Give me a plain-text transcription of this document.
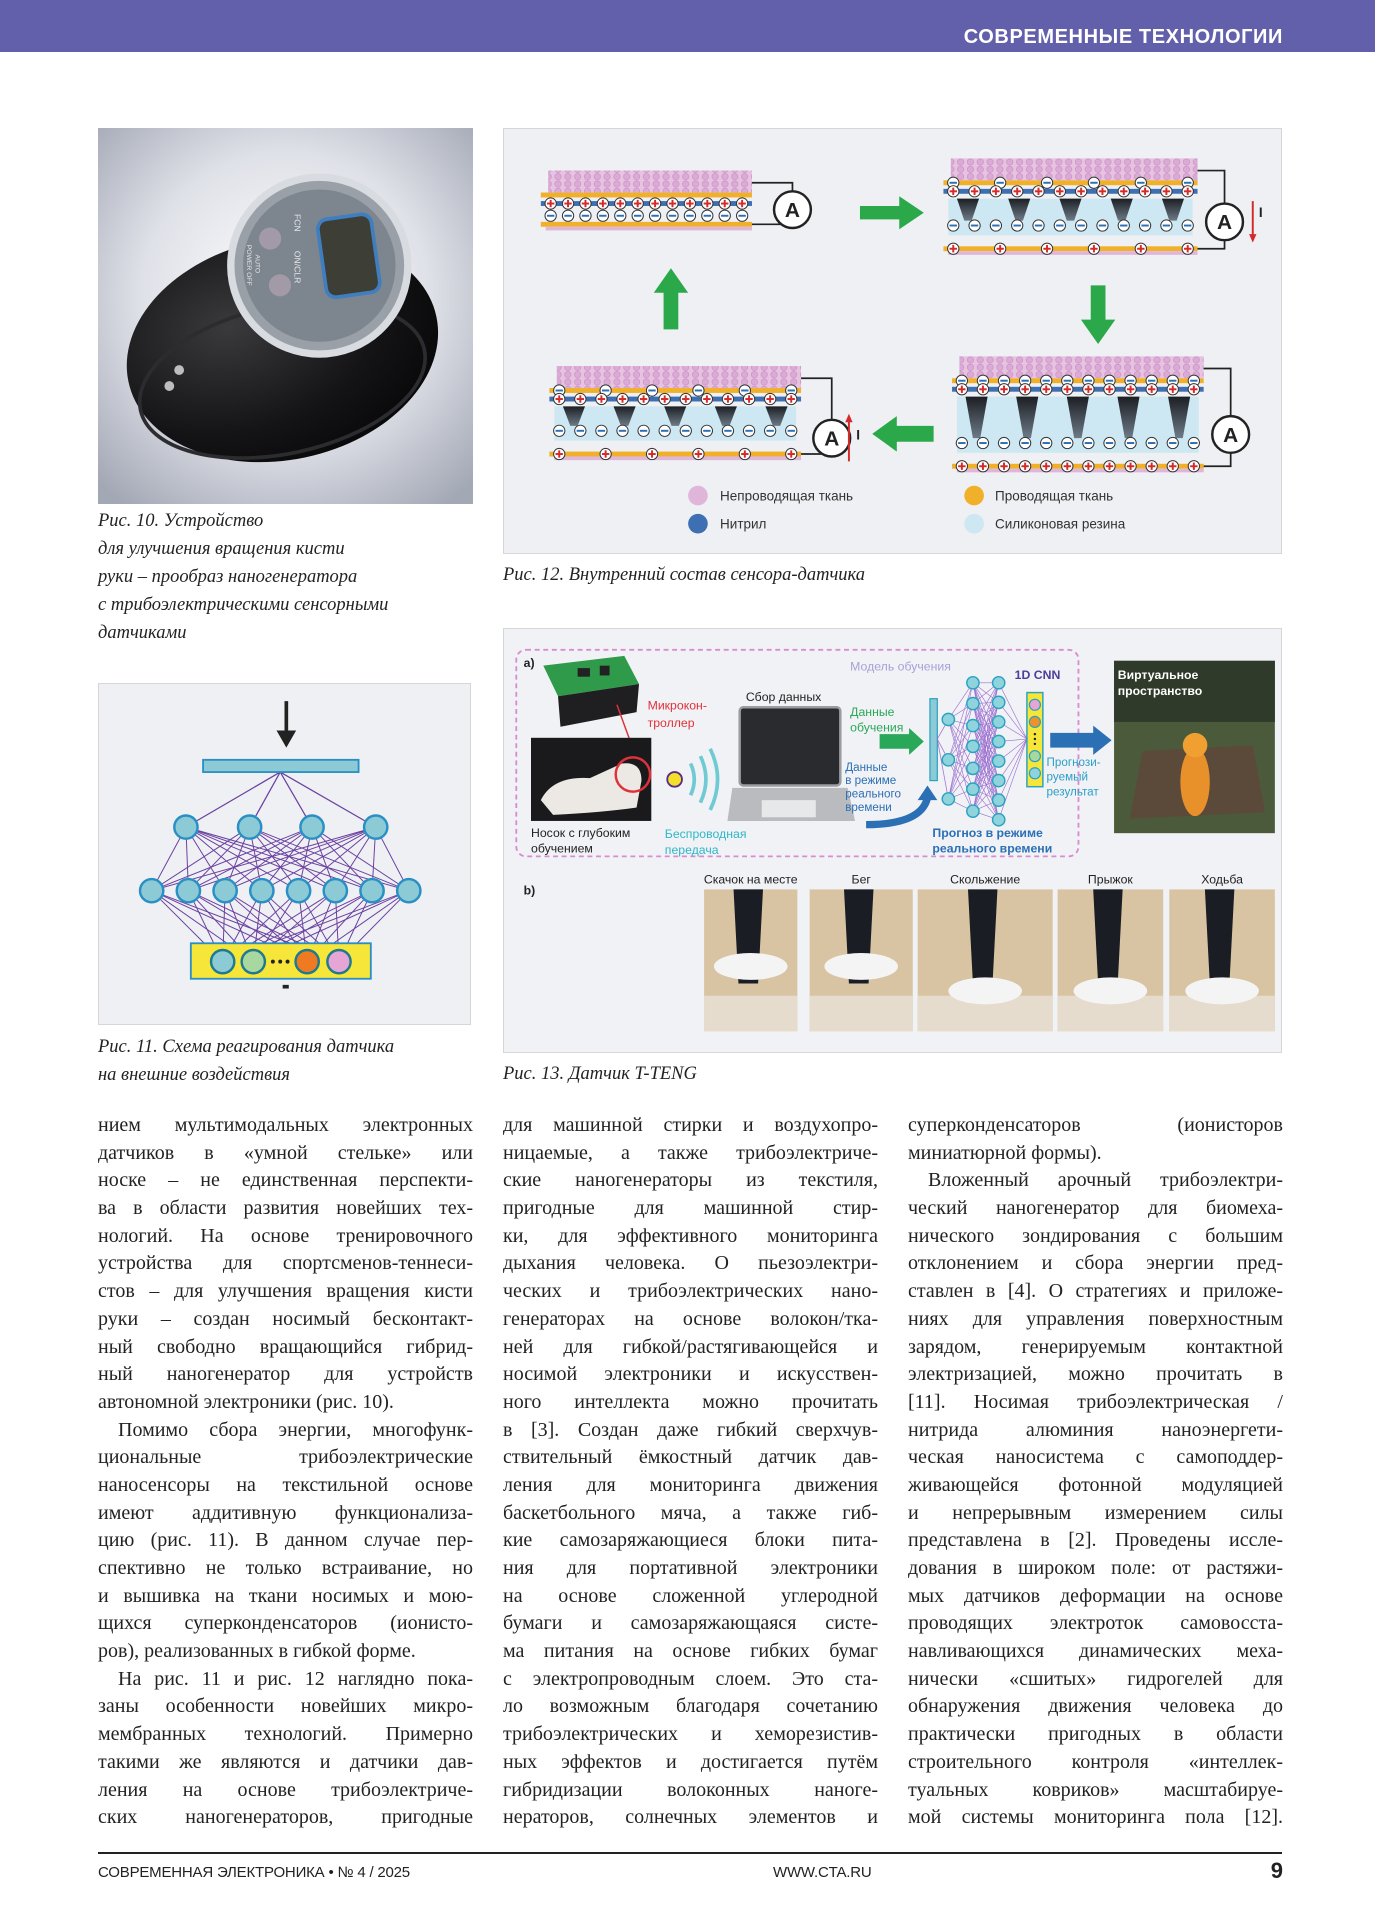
СОВРЕМЕННЫЕ ТЕХНОЛОГИИ
FCN
ON/CLR
AUTO
POWER OFF
Рис. 10. Устройство
для улучшения вращения кисти
руки – прообраз наногенератора
с трибоэлектрическими сенсорными
датчиками
Рис. 11. Схема реагирования датчика
на внешние воздействия
A
A
A
A
I
I
Непроводящая ткань
Нитрил
Проводящая ткань
Силиконовая резина
Рис. 12. Внутренний состав сенсора-датчика
a)
Микрокон-
троллер
Носок с глубоким
обучением
Беспроводная
передача
Сбор данных
Модель обучения
Данные
обучения
Данные
в режиме
реального
времени
1D CNN
Прогнози-
руемый
результат
Прогноз в режиме
реального времени
Виртуальное
пространство
b)
Скачок на месте	Бег	Скольжение	Прыжок	Ходьба
Рис. 13. Датчик T-TENG
нием мультимодальных электронных
датчиков в «умной стельке» или
носке – не единственная перспекти-
ва в области развития новейших тех-
нологий. На основе тренировочного
устройства для спортсменов-теннеси-
стов – для улучшения вращения кисти
руки – создан носимый бесконтакт-
ный свободно вращающийся гибрид-
ный наногенератор для устройств
автономной электроники (рис. 10).
Помимо сбора энергии, многофунк-
циональные трибоэлектрические
наносенсоры на текстильной основе
имеют аддитивную функционализа-
цию (рис. 11). В данном случае пер-
спективно не только встраивание, но
и вышивка на ткани носимых и мою-
щихся суперконденсаторов (ионисто-
ров), реализованных в гибкой форме.
На рис. 11 и рис. 12 наглядно пока-
заны особенности новейших микро-
мембранных технологий. Примерно
такими же являются и датчики дав-
ления на основе трибоэлектриче-
ских наногенераторов, пригодные
для машинной стирки и воздухопро-
ницаемые, а также трибоэлектриче-
ские наногенераторы из текстиля,
пригодные для машинной стир-
ки, для эффективного мониторинга
дыхания человека. О пьезоэлектри-
ческих и трибоэлектрических нано-
генераторах на основе волокон/тка-
ней для гибкой/растягивающейся и
носимой электроники и искусствен-
ного интеллекта можно прочитать
в [3]. Создан даже гибкий сверхчув-
ствительный ёмкостный датчик дав-
ления для мониторинга движения
баскетбольного мяча, а также гиб-
кие самозаряжающиеся блоки пита-
ния для портативной электроники
на основе сложенной углеродной
бумаги и самозаряжающаяся систе-
ма питания на основе гибких бумаг
с электропроводным слоем. Это ста-
ло возможным благодаря сочетанию
трибоэлектрических и хеморезистив-
ных эффектов и достигается путём
гибридизации волоконных наноге-
нераторов, солнечных элементов и
суперконденсаторов (ионисторов
миниатюрной формы).
Вложенный арочный трибоэлектри-
ческий наногенератор для биомеха-
нического зондирования с большим
отклонением и сбора энергии пред-
ставлен в [4]. О стратегиях и приложе-
ниях для управления поверхностным
зарядом, генерируемым контактной
электризацией, можно прочитать в
[11]. Носимая трибоэлектрическая /
нитрида алюминия наноэнергети-
ческая наносистема с самоподдер-
живающейся фотонной модуляцией
и непрерывным измерением силы
представлена в [2]. Проведены иссле-
дования в широком поле: от растяжи-
мых датчиков деформации на основе
проводящих электроток самовосста-
навливающихся динамических меха-
нически «сшитых» гидрогелей для
обнаружения движения человека до
практически пригодных в области
строительного контроля «интеллек-
туальных ковриков» масштабируе-
мой системы мониторинга пола [12].
СОВРЕМЕННАЯ ЭЛЕКТРОНИКА • № 4 / 2025	WWW.CTA.RU	9
